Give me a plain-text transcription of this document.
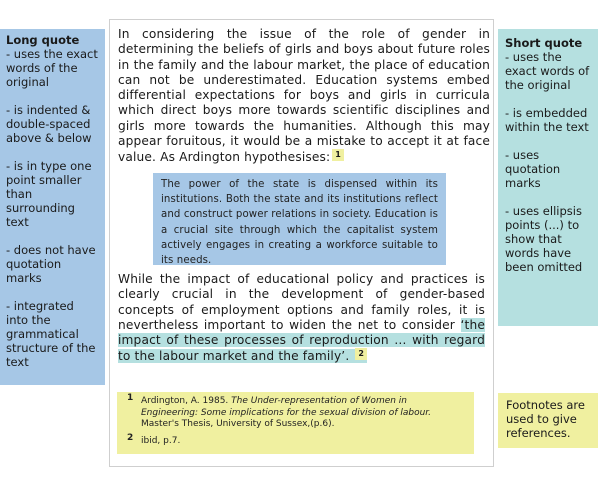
Long quote
- uses the exact words of the original
- is indented & double-spaced above & below
- is in type one point smaller than surrounding text
- does not have quotation marks
- integrated into the grammatical structure of the text
Short quote
- uses the exact words of the original
- is embedded within the text
- uses quotation marks
- uses ellipsis points (...) to show that words have been omitted
Footnotes are used to give references.
In considering the issue of the role of gender in determining the beliefs of girls and boys about future roles in the family and the labour market, the place of education can not be underestimated. Education systems embed differential expectations for boys and girls in curricula which direct boys more towards scientific disciplines and girls more towards the humanities. Although this may appear foruitous, it would be a mistake to accept it at face value. As Ardington hypothesises: 1
The power of the state is dispensed within its institutions. Both the state and its institutions reflect and construct power relations in society. Education is a crucial site through which the capitalist system actively engages in creating a workforce suitable to its needs.
While the impact of educational policy and practices is clearly crucial in the development of gender-based concepts of employment options and family roles, it is nevertheless important to widen the net to consider ‘the impact of these processes of reproduction … with regard to the labour market and the family’. 2
1 Ardington, A. 1985. The Under-representation of Women in Engineering: Some implications for the sexual division of labour. Master's Thesis, University of Sussex,(p.6).
2 ibid, p.7.
